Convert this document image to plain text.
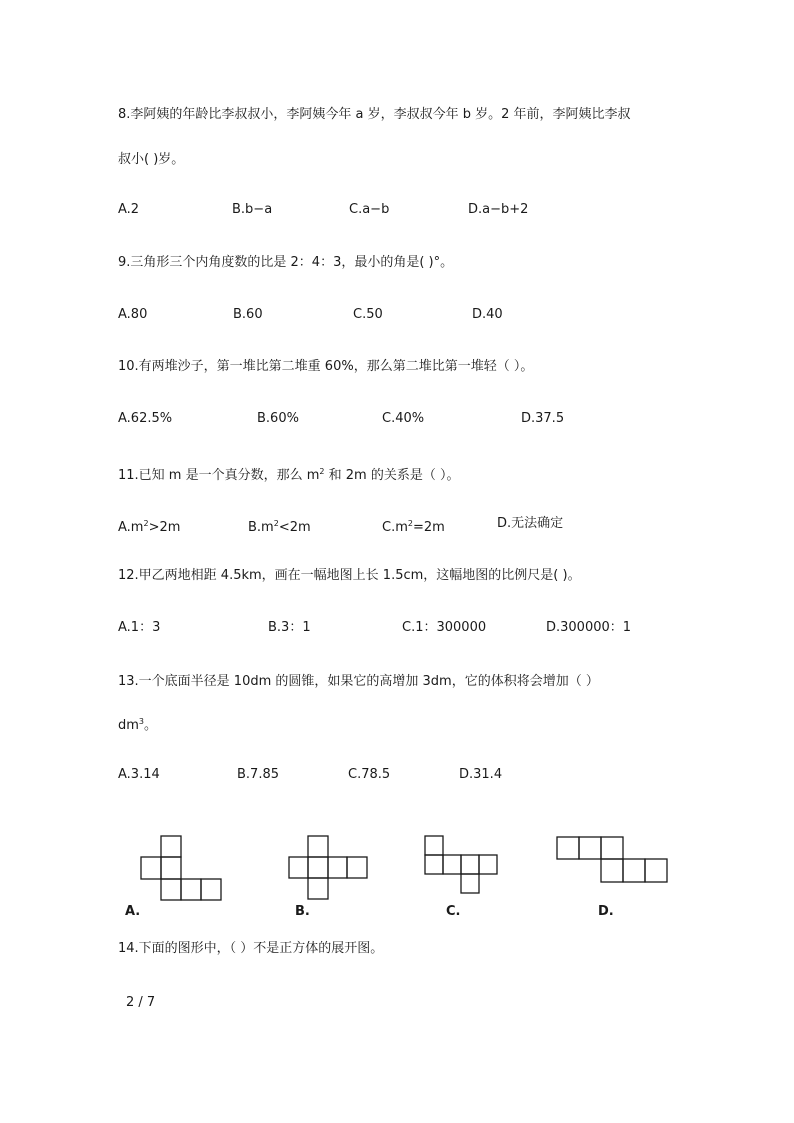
8.李阿姨的年龄比李叔叔小，李阿姨今年 a 岁，李叔叔今年 b 岁。2 年前，李阿姨比李叔
叔小( )岁。
A.2	B.b−a	C.a−b	D.a−b+2
9.三角形三个内角度数的比是 2：4：3，最小的角是( )°。
A.80	B.60	C.50	D.40
10.有两堆沙子，第一堆比第二堆重 60%，那么第二堆比第一堆轻（ ）。
A.62.5%	B.60%	C.40%	D.37.5
11.已知 m 是一个真分数，那么 $m^2$ 和 2m 的关系是（ ）。
$A.m^2>2m$	$B.m^2<2m$	$C.m^2=2m$	D.无法确定
12.甲乙两地相距 4.5km，画在一幅地图上长 1.5cm，这幅地图的比例尺是( )。
A.1：3	B.3：1	C.1：300000	D.300000：1
13.一个底面半径是 10dm 的圆锥，如果它的高增加 3dm，它的体积将会增加（ ）
$dm^3$。
A.3.14	B.7.85	C.78.5	D.31.4
A.	B.	C.	D.
14.下面的图形中，（ ）不是正方体的展开图。
2 / 7
